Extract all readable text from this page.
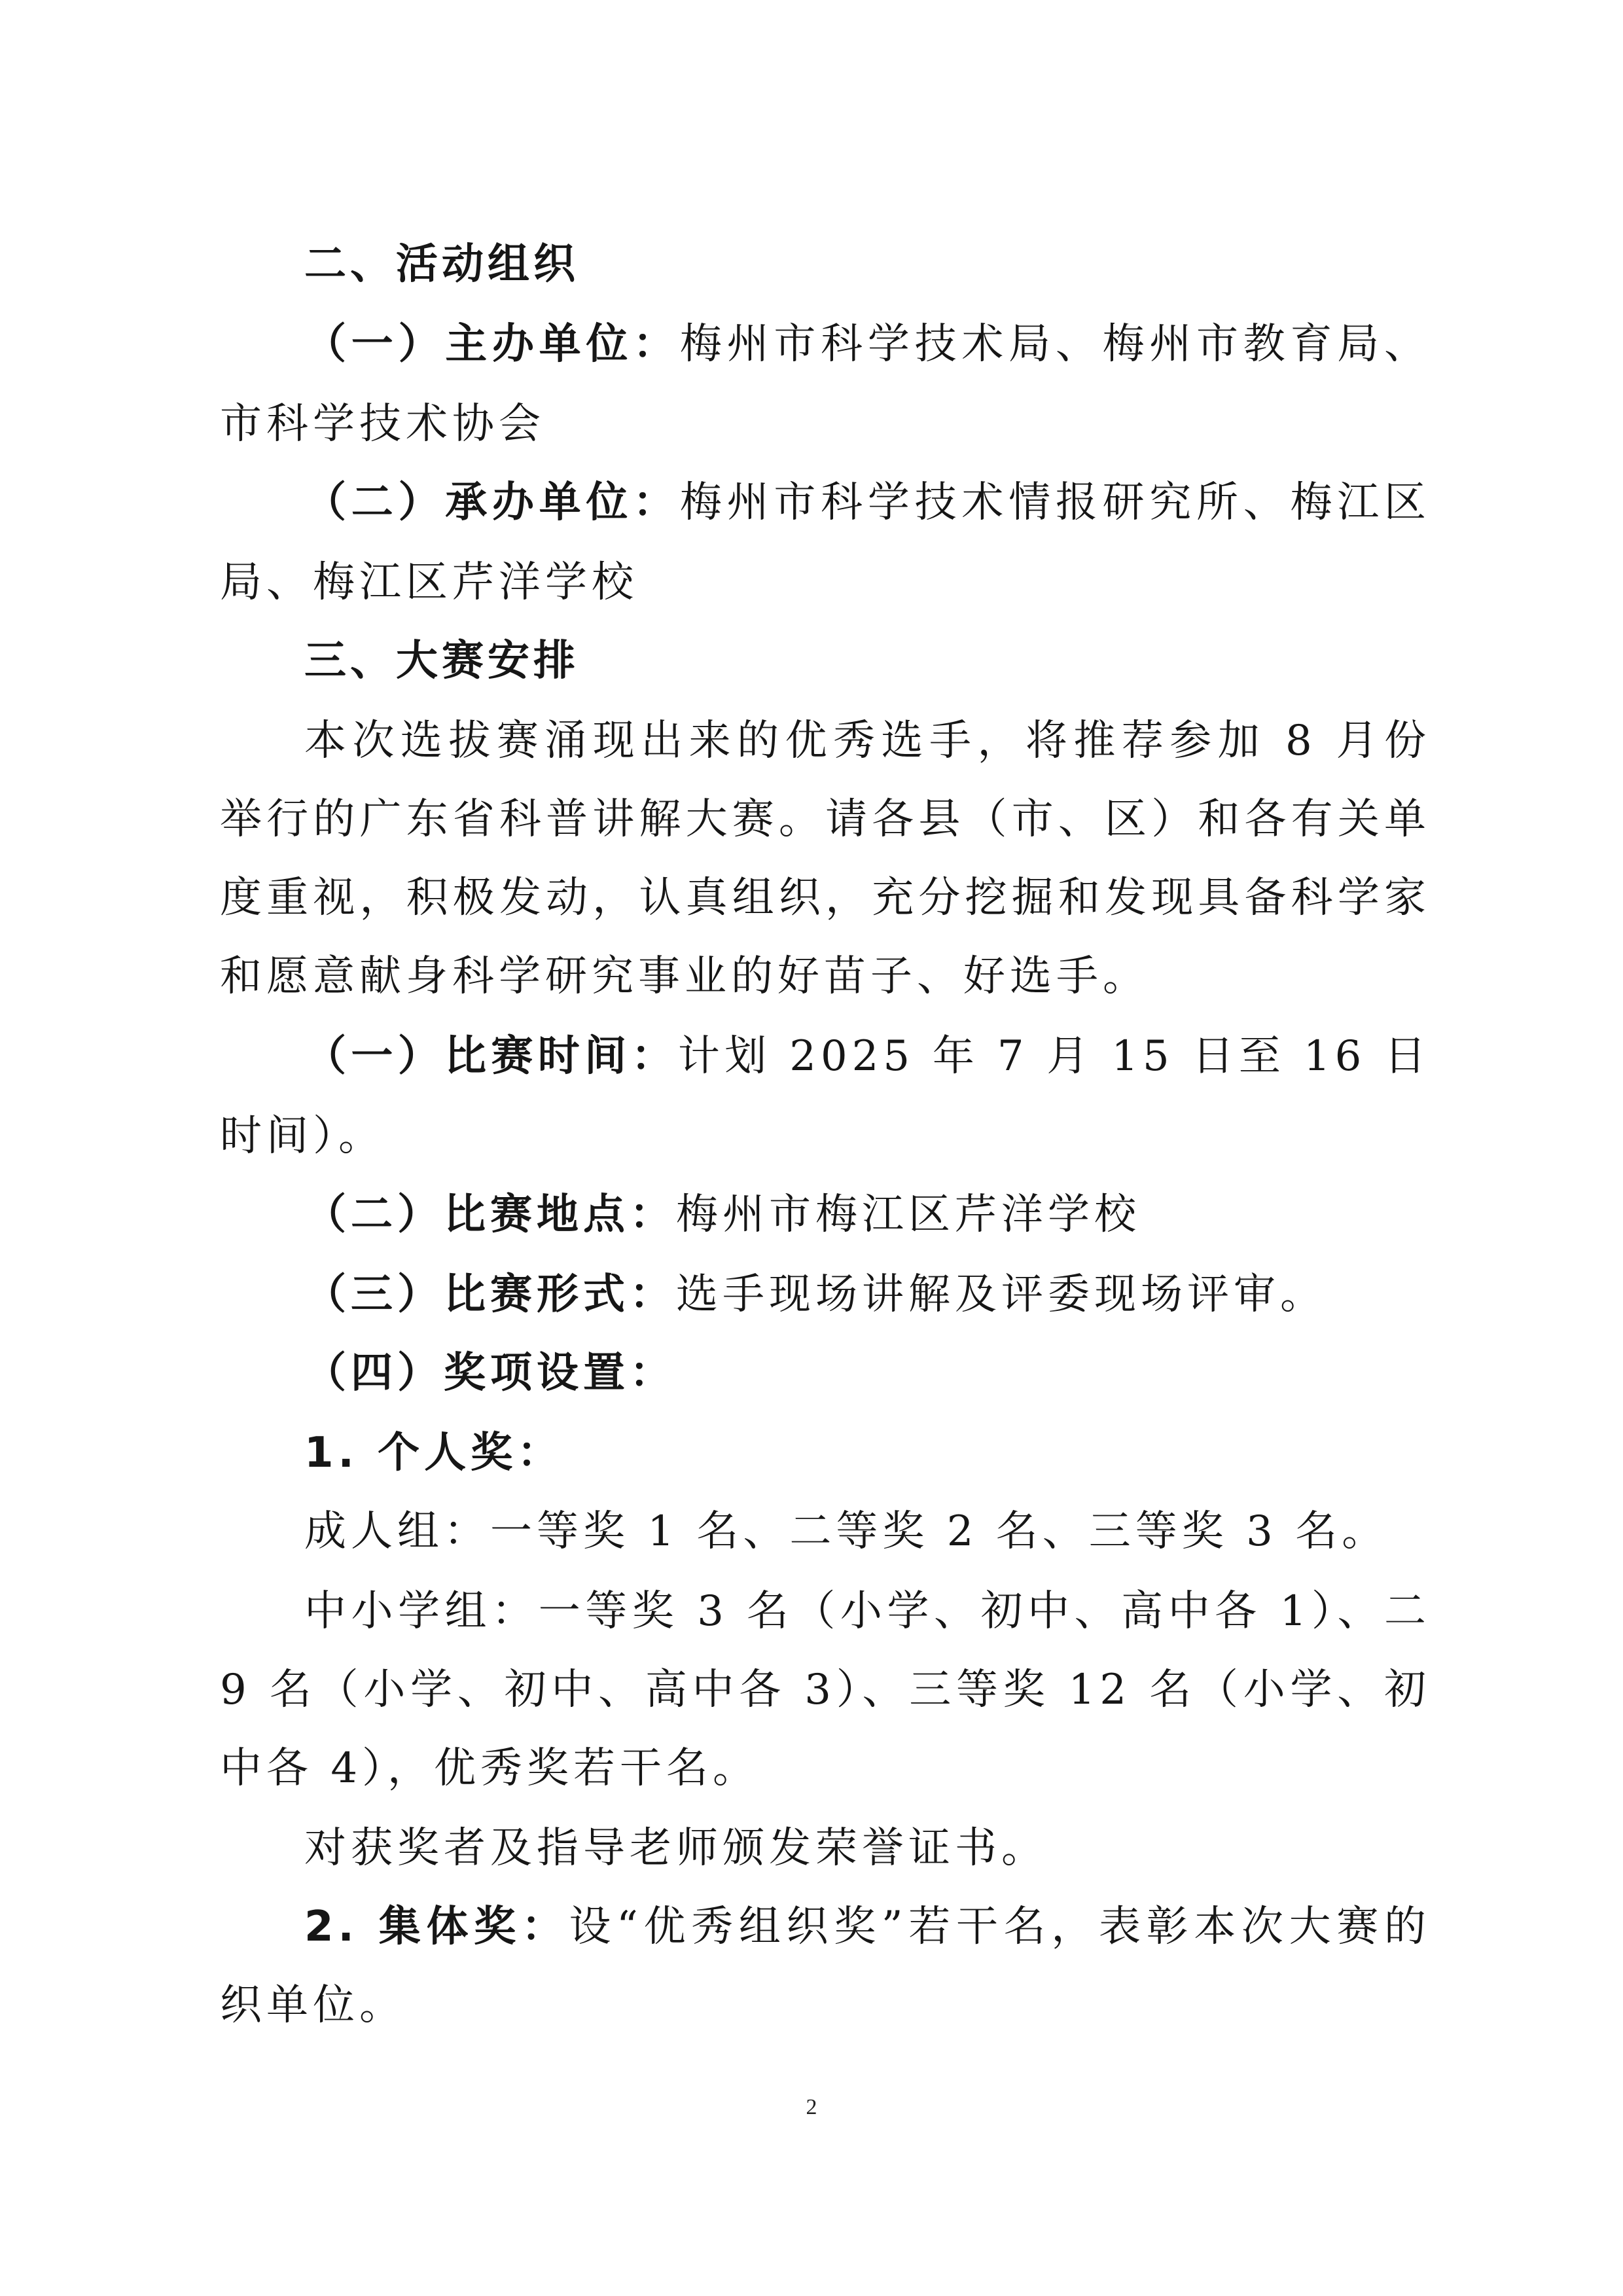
二、活动组织
（一）主办单位：梅州市科学技术局、梅州市教育局、
市科学技术协会
（二）承办单位：梅州市科学技术情报研究所、梅江区
局、梅江区芹洋学校
三、大赛安排
本次选拔赛涌现出来的优秀选手，将推荐参加 8 月份
举行的广东省科普讲解大赛。请各县（市、区）和各有关单
度重视，积极发动，认真组织，充分挖掘和发现具备科学家
和愿意献身科学研究事业的好苗子、好选手。
（一）比赛时间：计划 2025 年 7 月 15 日至 16 日
时间）。
（二）比赛地点：梅州市梅江区芹洋学校
（三）比赛形式：选手现场讲解及评委现场评审。
（四）奖项设置：
1. 个人奖：
成人组：一等奖 1 名、二等奖 2 名、三等奖 3 名。
中小学组：一等奖 3 名（小学、初中、高中各 1）、二
9 名（小学、初中、高中各 3）、三等奖 12 名（小学、初
中各 4），优秀奖若干名。
对获奖者及指导老师颁发荣誉证书。
2. 集体奖：设“优秀组织奖”若干名，表彰本次大赛的
织单位。
2
